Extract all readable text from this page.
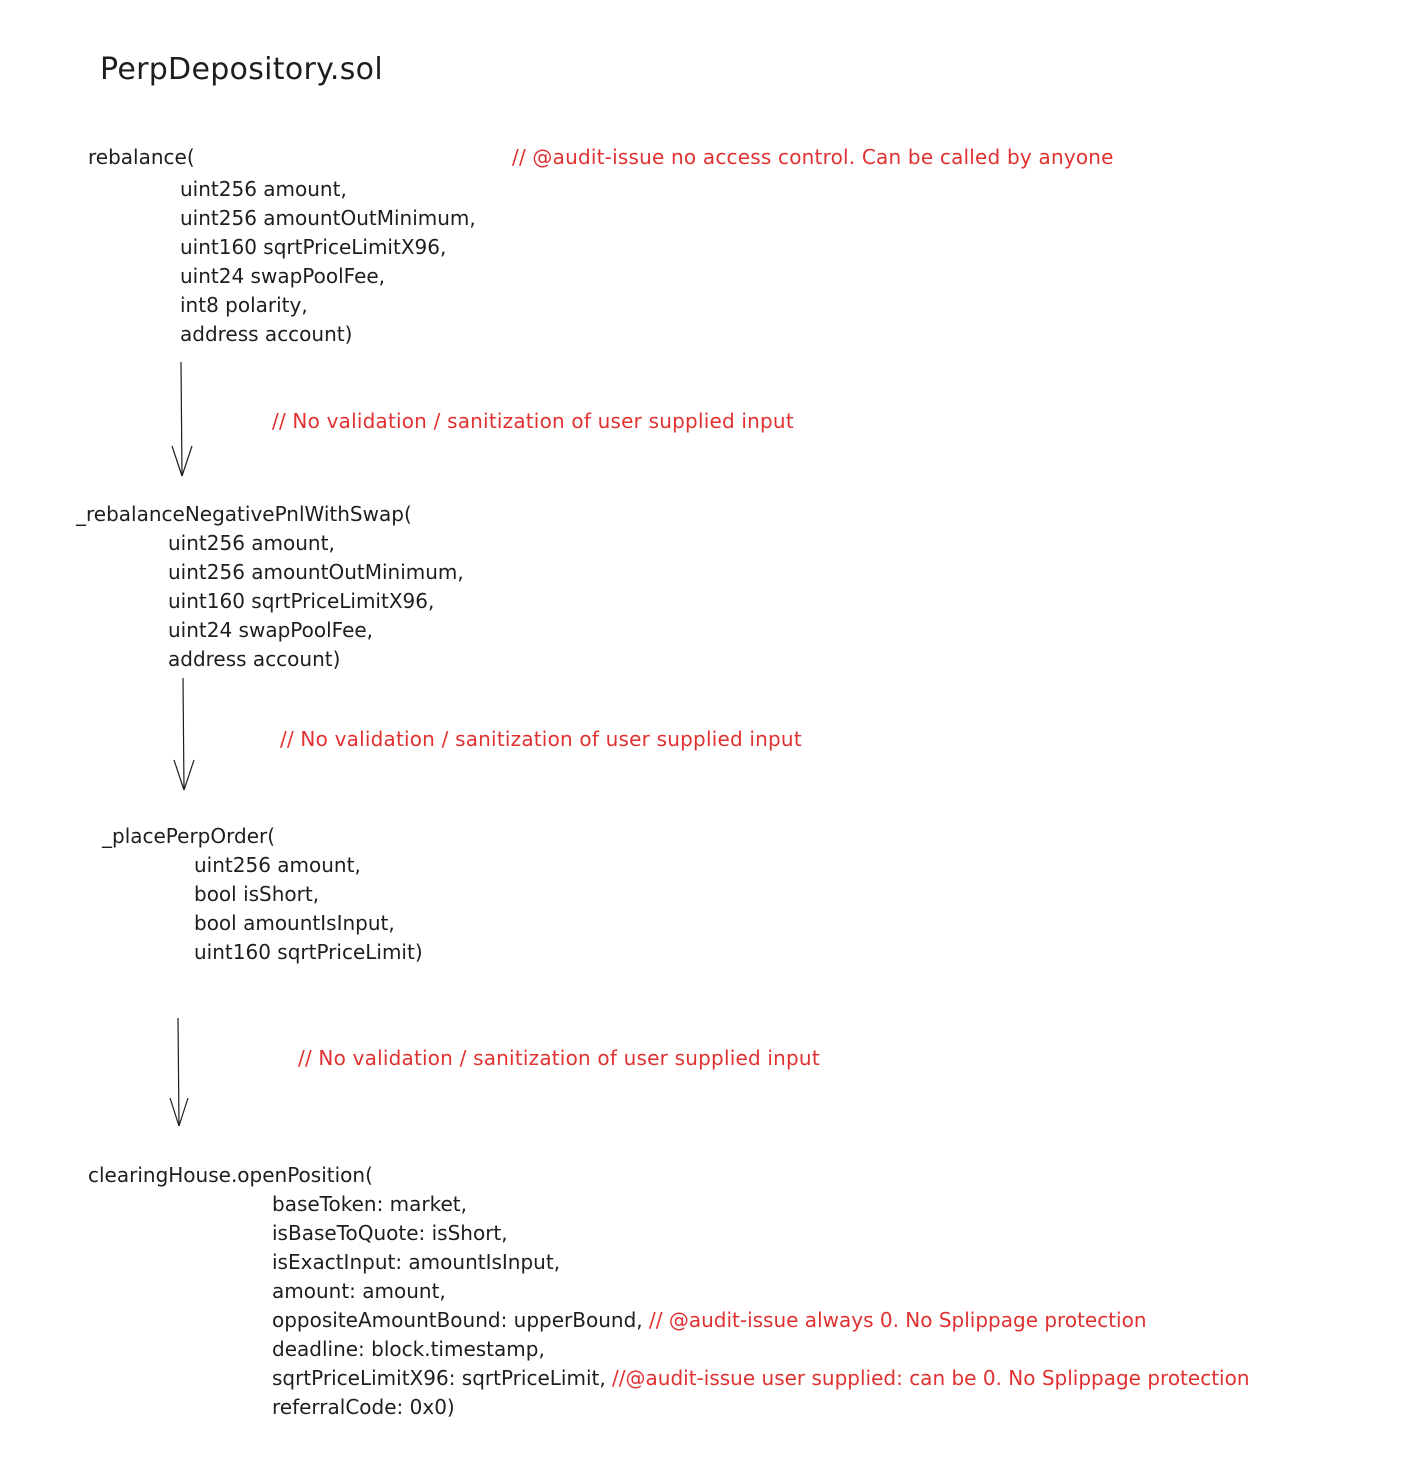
PerpDepository.sol
rebalance(	// @audit-issue no access control. Can be called by anyone
uint256 amount,
uint256 amountOutMinimum,
uint160 sqrtPriceLimitX96,
uint24 swapPoolFee,
int8 polarity,
address account)
// No validation / sanitization of user supplied input
_rebalanceNegativePnlWithSwap(
uint256 amount,
uint256 amountOutMinimum,
uint160 sqrtPriceLimitX96,
uint24 swapPoolFee,
address account)
// No validation / sanitization of user supplied input
_placePerpOrder(
uint256 amount,
bool isShort,
bool amountIsInput,
uint160 sqrtPriceLimit)
// No validation / sanitization of user supplied input
clearingHouse.openPosition(
baseToken: market,
isBaseToQuote: isShort,
isExactInput: amountIsInput,
amount: amount,
oppositeAmountBound: upperBound, // @audit-issue always 0. No Splippage protection
deadline: block.timestamp,
sqrtPriceLimitX96: sqrtPriceLimit, //@audit-issue user supplied: can be 0. No Splippage protection
referralCode: 0x0)
